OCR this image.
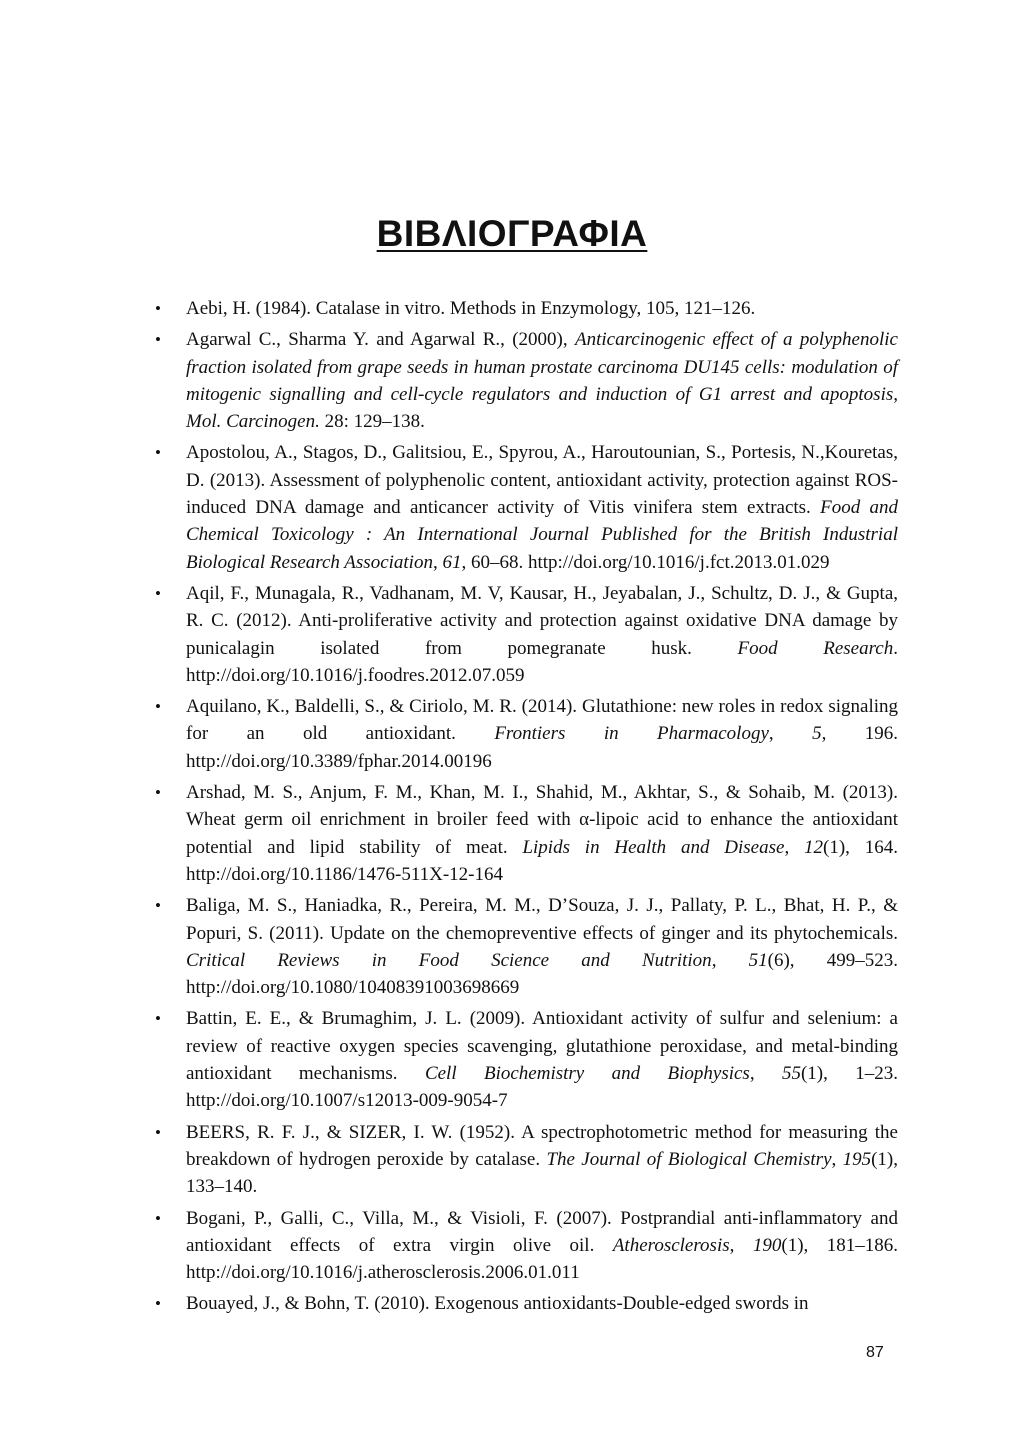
ΒΙΒΛΙΟΓΡΑΦΙΑ
• Aebi, H. (1984). Catalase in vitro. Methods in Enzymology, 105, 121–126.
• Agarwal C., Sharma Y. and Agarwal R., (2000), Anticarcinogenic effect of a polyphenolic fraction isolated from grape seeds in human prostate carcinoma DU145 cells: modulation of mitogenic signalling and cell-cycle regulators and induction of G1 arrest and apoptosis, Mol. Carcinogen. 28: 129–138.
• Apostolou, A., Stagos, D., Galitsiou, E., Spyrou, A., Haroutounian, S., Portesis, N.,Kouretas, D. (2013). Assessment of polyphenolic content, antioxidant activity, protection against ROS-induced DNA damage and anticancer activity of Vitis vinifera stem extracts. Food and Chemical Toxicology : An International Journal Published for the British Industrial Biological Research Association, 61, 60–68. http://doi.org/10.1016/j.fct.2013.01.029
• Aqil, F., Munagala, R., Vadhanam, M. V, Kausar, H., Jeyabalan, J., Schultz, D. J., & Gupta, R. C. (2012). Anti-proliferative activity and protection against oxidative DNA damage by punicalagin isolated from pomegranate husk. Food Research. http://doi.org/10.1016/j.foodres.2012.07.059
• Aquilano, K., Baldelli, S., & Ciriolo, M. R. (2014). Glutathione: new roles in redox signaling for an old antioxidant. Frontiers in Pharmacology, 5, 196. http://doi.org/10.3389/fphar.2014.00196
• Arshad, M. S., Anjum, F. M., Khan, M. I., Shahid, M., Akhtar, S., & Sohaib, M. (2013). Wheat germ oil enrichment in broiler feed with α-lipoic acid to enhance the antioxidant potential and lipid stability of meat. Lipids in Health and Disease, 12(1), 164. http://doi.org/10.1186/1476-511X-12-164
• Baliga, M. S., Haniadka, R., Pereira, M. M., D’Souza, J. J., Pallaty, P. L., Bhat, H. P., & Popuri, S. (2011). Update on the chemopreventive effects of ginger and its phytochemicals. Critical Reviews in Food Science and Nutrition, 51(6), 499–523. http://doi.org/10.1080/10408391003698669
• Battin, E. E., & Brumaghim, J. L. (2009). Antioxidant activity of sulfur and selenium: a review of reactive oxygen species scavenging, glutathione peroxidase, and metal-binding antioxidant mechanisms. Cell Biochemistry and Biophysics, 55(1), 1–23. http://doi.org/10.1007/s12013-009-9054-7
• BEERS, R. F. J., & SIZER, I. W. (1952). A spectrophotometric method for measuring the breakdown of hydrogen peroxide by catalase. The Journal of Biological Chemistry, 195(1), 133–140.
• Bogani, P., Galli, C., Villa, M., & Visioli, F. (2007). Postprandial anti-inflammatory and antioxidant effects of extra virgin olive oil. Atherosclerosis, 190(1), 181–186. http://doi.org/10.1016/j.atherosclerosis.2006.01.011
• Bouayed, J., & Bohn, T. (2010). Exogenous antioxidants-Double-edged swords in

87
